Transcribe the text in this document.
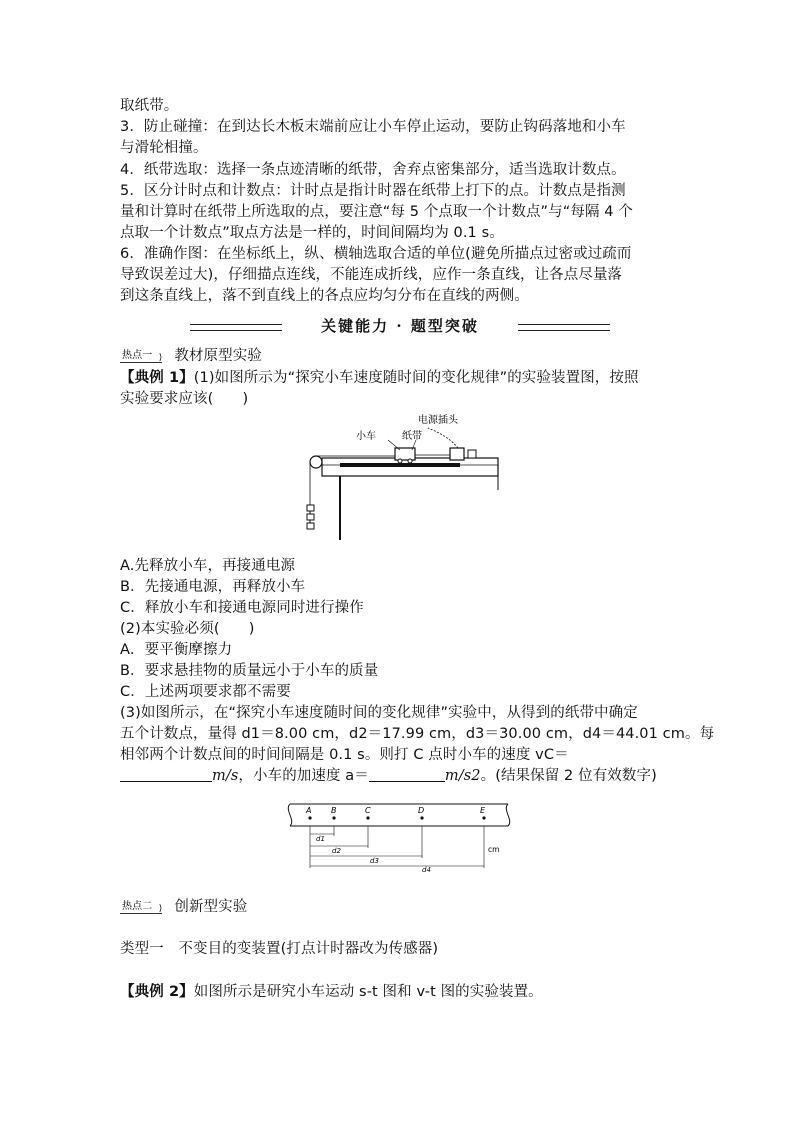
取纸带。
3．防止碰撞：在到达长木板末端前应让小车停止运动，要防止钩码落地和小车
与滑轮相撞。
4．纸带选取：选择一条点迹清晰的纸带，舍弃点密集部分，适当选取计数点。
5．区分计时点和计数点：计时点是指计时器在纸带上打下的点。计数点是指测
量和计算时在纸带上所选取的点，要注意“每 5 个点取一个计数点”与“每隔 4 个
点取一个计数点”取点方法是一样的，时间间隔均为 0.1 s。
6．准确作图：在坐标纸上，纵、横轴选取合适的单位(避免所描点过密或过疏而
导致误差过大)，仔细描点连线，不能连成折线，应作一条直线，让各点尽量落
到这条直线上，落不到直线上的各点应均匀分布在直线的两侧。
关键能力 · 题型突破
热点一 ⟩ 教材原型实验
【典例 1】(1)如图所示为“探究小车速度随时间的变化规律”的实验装置图，按照
实验要求应该(　　)
小车	纸带
电源插头
A.先释放小车，再接通电源
B．先接通电源，再释放小车
C．释放小车和接通电源同时进行操作
(2)本实验必须(　　)
A．要平衡摩擦力
B．要求悬挂物的质量远小于小车的质量
C．上述两项要求都不需要
(3)如图所示，在“探究小车速度随时间的变化规律”实验中，从得到的纸带中确定
五个计数点，量得 d1＝8.00 cm，d2＝17.99 cm，d3＝30.00 cm，d4＝44.01 cm。每
相邻两个计数点间的时间间隔是 0.1 s。则打 C 点时小车的速度 vC＝
m/s，小车的加速度 a＝	m/s2。(结果保留 2 位有效数字)
A B	C	D	E
d1
d2
d3
d4
cm
热点二 ⟩ 创新型实验
类型一　不变目的变装置(打点计时器改为传感器)
【典例 2】如图所示是研究小车运动 s-t 图和 v-t 图的实验装置。
